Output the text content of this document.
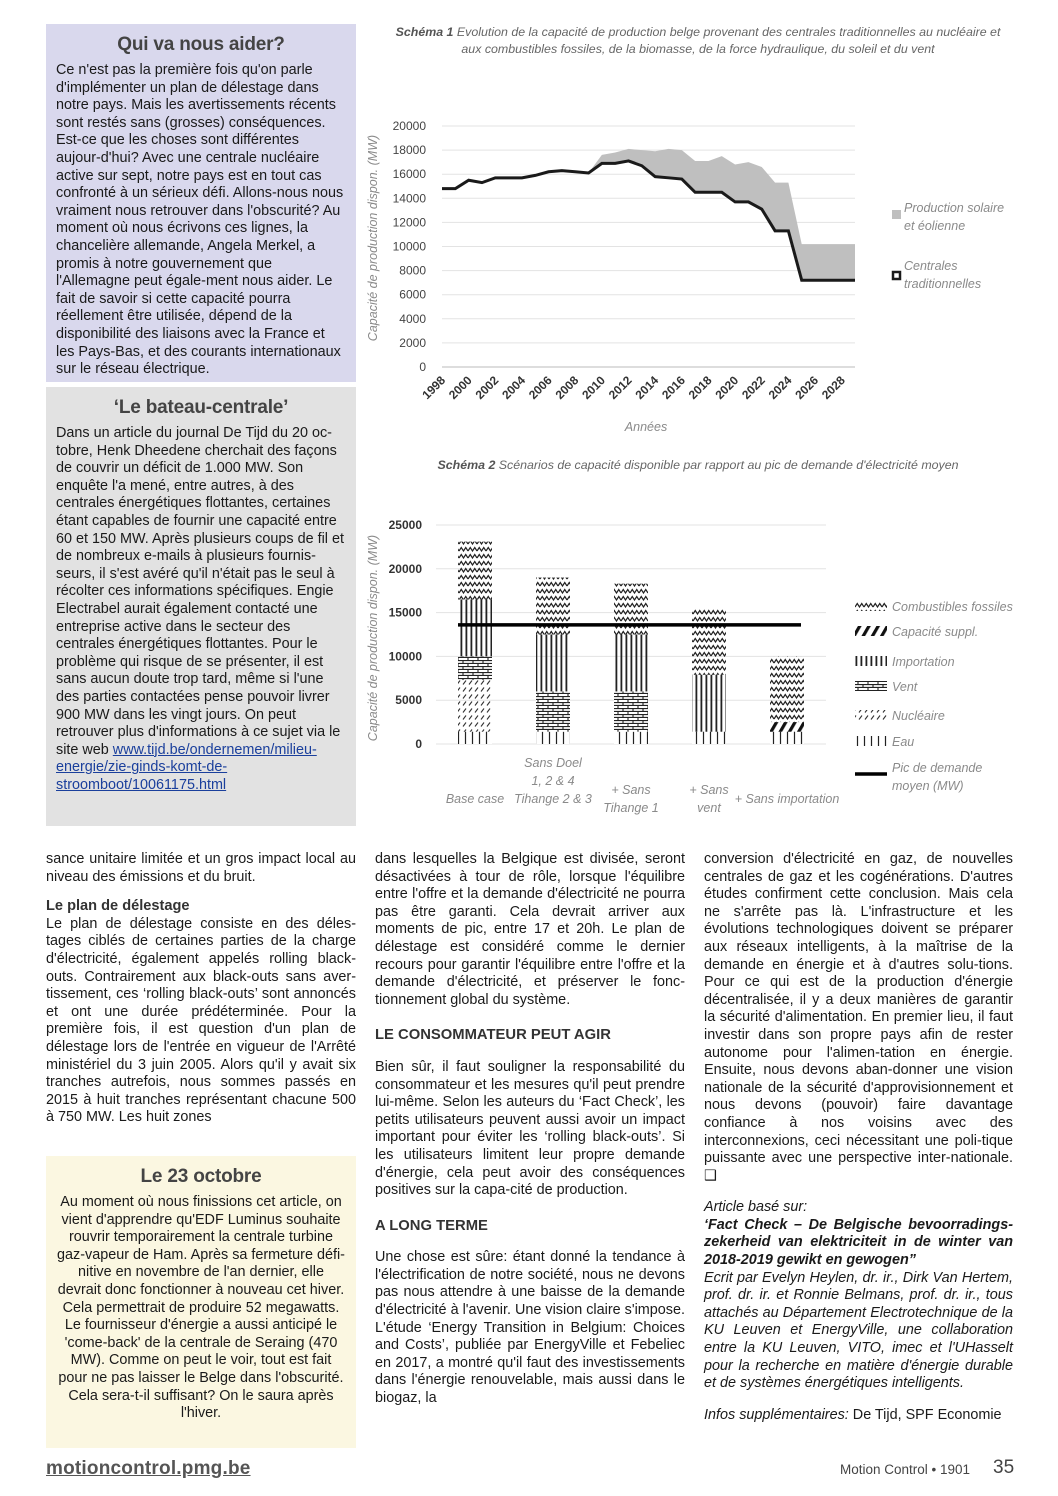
Qui va nous aider?

Ce n'est pas la première fois qu'on parle d'implémenter un plan de délestage dans notre pays. Mais les avertissements récents sont restés sans (grosses) conséquences. Est-ce que les choses sont différentes aujour-d'hui? Avec une centrale nucléaire active sur sept, notre pays est en tout cas confronté à un sérieux défi. Allons-nous nous vraiment nous retrouver dans l'obscurité? Au moment où nous écrivons ces lignes, la chancelière allemande, Angela Merkel, a promis à notre gouvernement que l'Allemagne peut égale-ment nous aider. Le fait de savoir si cette capacité pourra réellement être utilisée, dépend de la disponibilité des liaisons avec la France et les Pays-Bas, et des courants internationaux sur le réseau électrique.

‘Le bateau-centrale’

Dans un article du journal De Tijd du 20 oc-tobre, Henk Dheedene cherchait des façons de couvrir un déficit de 1.000 MW. Son enquête l'a mené, entre autres, à des centrales énergétiques flottantes, certaines étant capables de fournir une capacité entre 60 et 150 MW. Après plusieurs coups de fil et de nombreux e-mails à plusieurs fournis-seurs, il s'est avéré qu'il n'était pas le seul à récolter ces informations spécifiques. Engie Electrabel aurait également contacté une entreprise active dans le secteur des centrales énergétiques flottantes. Pour le problème qui risque de se présenter, il est sans aucun doute trop tard, même si l'une des parties contactées pense pouvoir livrer 900 MW dans les vingt jours. On peut retrouver plus d'informations à ce sujet via le site web www.tijd.be/ondernemen/milieu-energie/zie-ginds-komt-de-stroomboot/10061175.html

Le 23 octobre

Au moment où nous finissions cet article, on vient d'apprendre qu'EDF Luminus souhaite rouvrir temporairement la centrale turbine gaz-vapeur de Ham. Après sa fermeture défi-nitive en novembre de l'an dernier, elle devrait donc fonctionner à nouveau cet hiver. Cela permettrait de produire 52 megawatts. Le fournisseur d'énergie a aussi anticipé le 'come-back' de la centrale de Seraing (470 MW). Comme on peut le voir, tout est fait pour ne pas laisser le Belge dans l'obscurité. Cela sera-t-il suffisant? On le saura après l'hiver.

Schéma 1 Evolution de la capacité de production belge provenant des centrales traditionnelles au nucléaire et aux combustibles fossiles, de la biomasse, de la force hydraulique, du soleil et du vent
0
2000
4000
6000
8000
10000
12000
14000
16000
18000
20000
1998
2000
2002
2004
2006
2008
2010
2012
2014
2016
2018
2020
2022
2024
2026
2028
Capacité de production dispon. (MW)
Années
Production solaire
et éolienne
Centrales
traditionnelles
Schéma 2 Scénarios de capacité disponible par rapport au pic de demande d'électricité moyen
0
5000
10000
15000
20000
25000
Base case
Sans Doel
1, 2 & 4
Tihange 2 & 3
+ Sans
Tihange 1
+ Sans
vent
+ Sans importation
Capacité de production dispon. (MW)	Combustibles fossiles
Capacité suppl.
Importation
Vent
Nucléaire
Eau
Pic de demande
moyen (MW)

sance unitaire limitée et un gros impact local au niveau des émissions et du bruit.

Le plan de délestage

Le plan de délestage consiste en des déles-tages ciblés de certaines parties de la charge d'électricité, également appelés rolling black-outs. Contrairement aux black-outs sans aver-tissement, ces ‘rolling black-outs’ sont annoncés et ont une durée prédéterminée. Pour la première fois, il est question d'un plan de délestage lors de l'entrée en vigueur de l'Arrêté ministériel du 3 juin 2005. Alors qu'il y avait six tranches autrefois, nous sommes passés en 2015 à huit tranches représentant chacune 500 à 750 MW. Les huit zones

dans lesquelles la Belgique est divisée, seront désactivées à tour de rôle, lorsque l'équilibre entre l'offre et la demande d'électricité ne pourra pas être garanti. Cela devrait arriver aux moments de pic, entre 17 et 20h. Le plan de délestage est considéré comme le dernier recours pour garantir l'équilibre entre l'offre et la demande d'électricité, et préserver le fonc-tionnement global du système.

LE CONSOMMATEUR PEUT AGIR

Bien sûr, il faut souligner la responsabilité du consommateur et les mesures qu'il peut prendre lui-même. Selon les auteurs du ‘Fact Check’, les petits utilisateurs peuvent aussi avoir un impact important pour éviter les ‘rolling black-outs’. Si les utilisateurs limitent leur propre demande d'énergie, cela peut avoir des conséquences positives sur la capa-cité de production.

A LONG TERME

Une chose est sûre: étant donné la tendance à l'électrification de notre société, nous ne devons pas nous attendre à une baisse de la demande d'électricité à l'avenir. Une vision claire s'impose. L'étude ‘Energy Transition in Belgium: Choices and Costs’, publiée par EnergyVille et Febeliec en 2017, a montré qu'il faut des investissements dans l'énergie renouvelable, mais aussi dans le biogaz, la

conversion d'électricité en gaz, de nouvelles centrales de gaz et les cogénérations. D'autres études confirment cette conclusion. Mais cela ne s'arrête pas là. L'infrastructure et les évolutions technologiques doivent se préparer aux réseaux intelligents, à la maîtrise de la demande en énergie et à d'autres solu-tions. Pour ce qui est de la production d'énergie décentralisée, il y a deux manières de garantir la sécurité d'alimentation. En premier lieu, il faut investir dans son propre pays afin de rester autonome pour l'alimen-tation en énergie. Ensuite, nous devons aban-donner une vision nationale de la sécurité d'approvisionnement et nous devons (pouvoir) faire davantage confiance à nos voisins avec des interconnexions, ceci nécessitant une poli-tique puissante avec une perspective inter-nationale. ❑

Article basé sur:

‘Fact Check – De Belgische bevoorradings-zekerheid van elektriciteit in de winter van 2018-2019 gewikt en gewogen”

Ecrit par Evelyn Heylen, dr. ir., Dirk Van Hertem, prof. dr. ir. et Ronnie Belmans, prof. dr. ir., tous attachés au Département Electrotechnique de la KU Leuven et EnergyVille, une collaboration entre la KU Leuven, VITO, imec et l'UHasselt pour la recherche en matière d'énergie durable et de systèmes énergétiques intelligents.

Infos supplémentaires: De Tijd, SPF Economie

motioncontrol.pmg.be	Motion Control • 1901 35
